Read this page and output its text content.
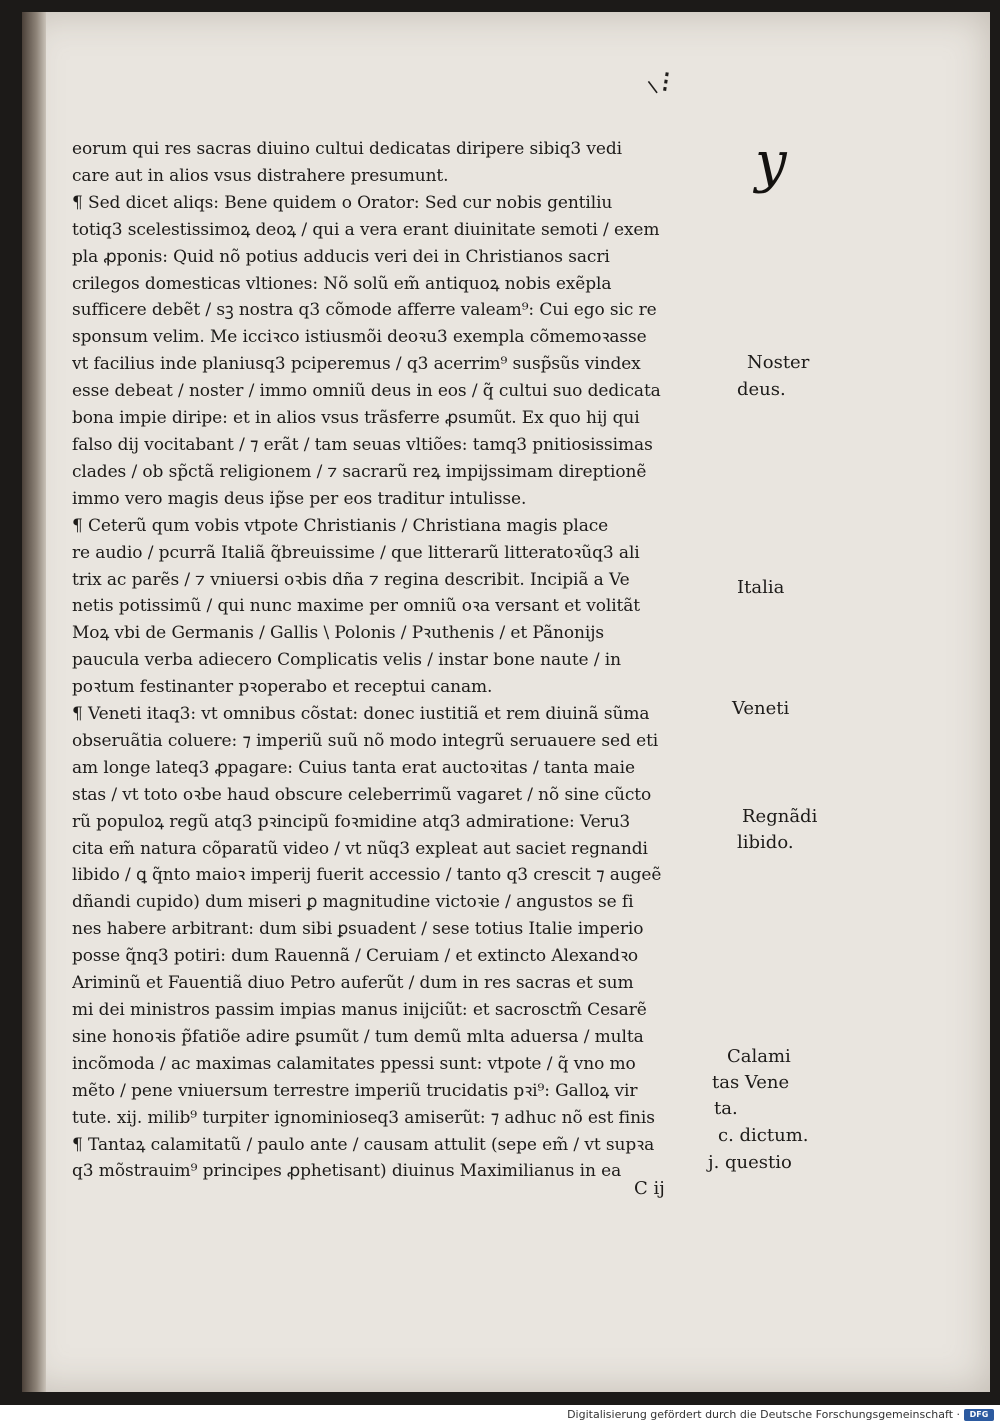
⸜⁝
y
eorum qui res sacras diuino cultui dedicatas diripere sibiq3 vedi
care aut in alios vsus distrahere presumunt.
¶ Sed dicet aliqs: Bene quidem o Orator: Sed cur nobis gentiliu
totiq3 scelestissimoꝝ deoꝝ / qui a vera erant diuinitate semoti / exem
pla ꝓponis: Quid nõ potius adducis veri dei in Christianos sacri
crilegos domesticas vltiones: Nõ solũ em̃ antiquoꝝ nobis exẽpla
sufficere debẽt / sꝫ nostra q3 cõmode afferre valeam⁹: Cui ego sic re
sponsum velim. Me icciꝛco istiusmõi deoꝛu3 exempla cõmemoꝛasse
vt facilius inde planiusq3 pciperemus / q3 acerrim⁹ susp̃sũs vindex
esse debeat / noster / immo omniũ deus in eos / q̃ cultui suo dedicata
bona impie diripe: et in alios vsus trãsferre ꝓsumũt. Ex quo hij qui
falso dij vocitabant / ⁊ erãt / tam seuas vltiões: tamq3 pnitiosissimas
clades / ob sp̃ctã religionem / ⁊ sacrarũ reꝝ impijssimam direptionẽ
immo vero magis deus ip̃se per eos traditur intulisse.
¶ Ceterũ qum vobis vtpote Christianis / Christiana magis place
re audio / pcurrã Italiã q̃breuissime / que litterarũ litteratoꝛũq3 ali
trix ac parẽs / ⁊ vniuersi oꝛbis dña ⁊ regina describit. Incipiã a Ve
netis potissimũ / qui nunc maxime per omniũ oꝛa versant et volitãt
Moꝝ vbi de Germanis / Gallis \ Polonis / Pꝛuthenis / et Pãnonijs
paucula verba adiecero Complicatis velis / instar bone naute / in
poꝛtum festinanter pꝛoperabo et receptui canam.
¶ Veneti itaq3: vt omnibus cõstat: donec iustitiã et rem diuinã sũma
obseruãtia coluere: ⁊ imperiũ suũ nõ modo integrũ seruauere sed eti
am longe lateq3 ꝓpagare: Cuius tanta erat auctoꝛitas / tanta maie
stas / vt toto oꝛbe haud obscure celeberrimũ vagaret / nõ sine cũcto
rũ populoꝝ regũ atq3 pꝛincipũ foꝛmidine atq3 admiratione: Veru3
cita em̃ natura cõparatũ video / vt nũq3 expleat aut saciet regnandi
libido / ꝗ q̃nto maioꝛ imperij fuerit accessio / tanto q3 crescit ⁊ augeẽ
dñandi cupido) dum miseri ꝑ magnitudine victoꝛie / angustos se fi
nes habere arbitrant: dum sibi ꝑsuadent / sese totius Italie imperio
posse q̃nq3 potiri: dum Rauennã / Ceruiam / et extincto Alexandꝛo
Ariminũ et Fauentiã diuo Petro auferũt / dum in res sacras et sum
mi dei ministros passim impias manus inijciũt: et sacrosctm̃ Cesarẽ
sine honoꝛis p̃fatiõe adire ꝑsumũt / tum demũ mlta aduersa / multa
incõmoda / ac maximas calamitates ppessi sunt: vtpote / q̃ vno mo
mẽto / pene vniuersum terrestre imperiũ trucidatis pꝛi⁹: Galloꝝ vir
tute. xij. milib⁹ turpiter ignominioseq3 amiserũt: ⁊ adhuc nõ est finis
¶ Tantaꝝ calamitatũ / paulo ante / causam attulit (sepe em̃ / vt supꝛa
q3 mõstrauim⁹ principes ꝓphetisant) diuinus Maximilianus in ea
Noster
deus.
Italia
Veneti
Regnãdi
libido.
Calami
tas Vene
ta.
c. dictum.
j. questio
C ij
Digitalisierung gefördert durch die Deutsche Forschungsgemeinschaft ·	DFG
